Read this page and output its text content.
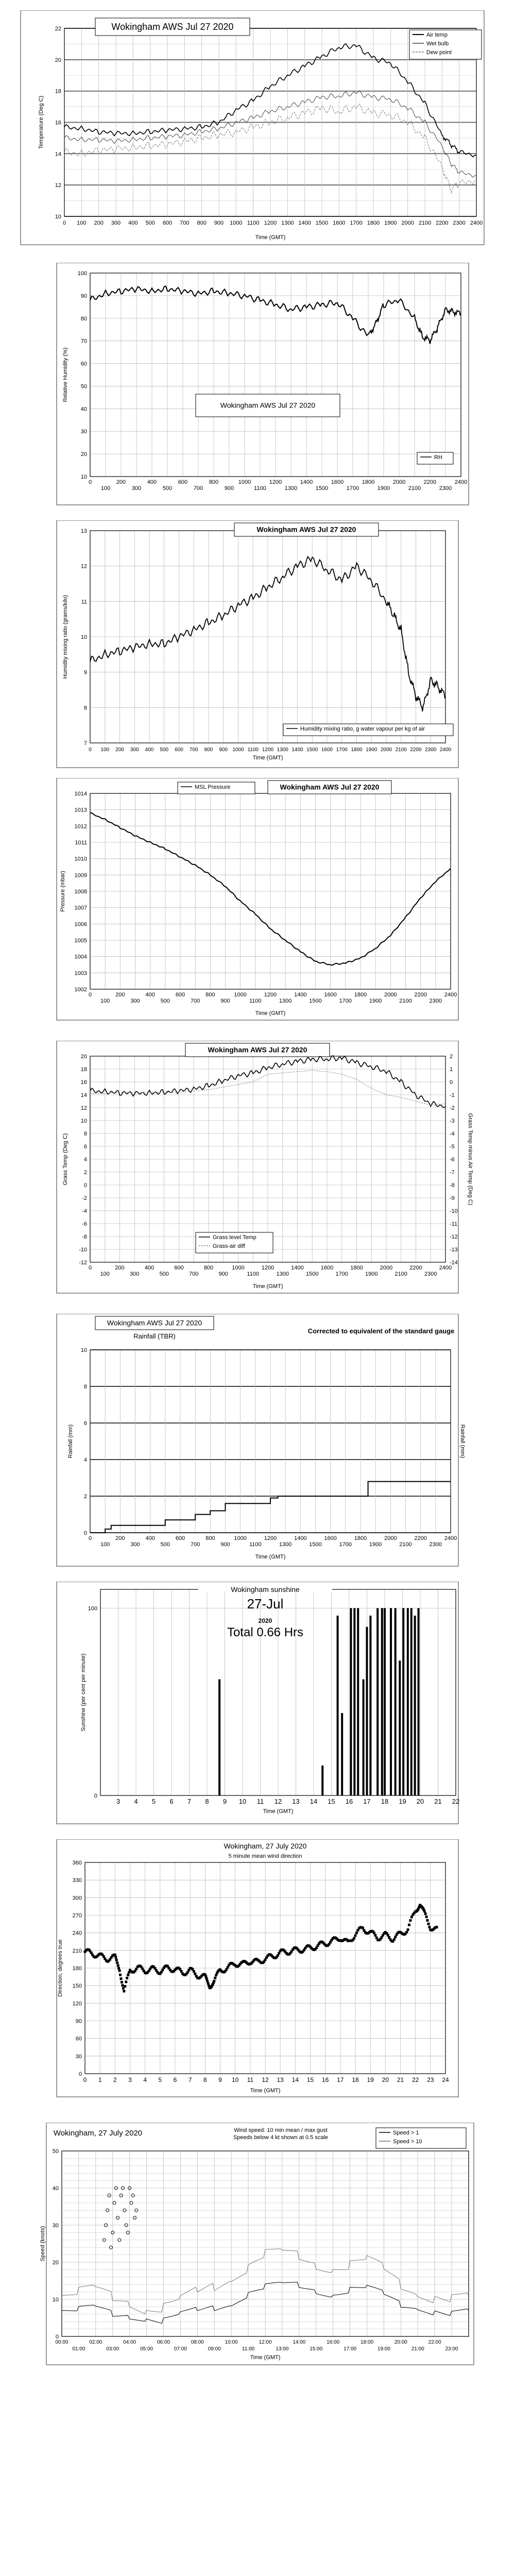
10
12
14
16
18
20
22
0 100 200 300 400 500 600 700 800 900 1000 1100 1200 1300 1400 1500 1600 1700 1800 1900 2000 2100 2200 2300 2400
Time (GMT)
Temperature (Deg C)
Wokingham AWS Jul 27 2020
Air temp
Wet bulb
Dew point
10
20
30
40
50
60
70
80
90
100
0
100
200
300
400
500
600
700
800
900
1000
1100
1200
1300
1400
1500
1600
1700
1800
1900
2000
2100
2200
2300
2400
Relative Humidity (%)
Wokingham AWS Jul 27 2020
RH
7
8
9
10
11
12
13
0 100 200 300 400 500 600 700 800 900 1000 1100 1200 1300 1400 1500 1600 1700 1800 1900 2000 2100 2200 2300 2400
Time (GMT)
Humidity mixing ratio (grams/kilo)
Wokingham AWS Jul 27 2020
Humidity mixing ratio, g water vapour per kg of air
1002
1003
1004
1005
1006
1007
1008
1009
1010
1011
1012
1013
1014
0
100
200
300
400
500
600
700
800
900
1000
1100
1200
1300
1400
1500
1600
1700
1800
1900
2000
2100
2200
2300
2400
Time (GMT)
Pressure (mbar)
Wokingham AWS Jul 27 2020
MSL Pressure
-12
-10
-8
-6
-4
-2
0
2
4
6
8
10
12
14
16
18
20
0
100
200
300
400
500
600
700
800
900
1000
1100
1200
1300
1400
1500
1600
1700
1800
1900
2000
2100
2200
2300
2400
Time (GMT)
Grass Temp (Deg C)
Wokingham AWS Jul 27 2020
-14
-13
-12
-11
-10
-9
-8
-7
-6
-5
-4
-3
-2
-1
0
1
2
Grass Temp minus Air Temp (Deg C)
Grass level Temp
Grass-air diff
0
2
4
6
8
10
0
100
200
300
400
500
600
700
800
900
1000
1100
1200
1300
1400
1500
1600
1700
1800
1900
2000
2100
2200
2300
2400
Time (GMT)
Rainfall (mm)
Wokingham AWS Jul 27 2020
Rainfall (TBR)
Corrected to equivalent of the standard gauge
Rainfall (mm)
0
100
3 4 5 6 7 8 9 10 11 12 13 14 15 16 17 18 19 20 21 22
Time (GMT)
Sunshine (per cent per minute)
Wokingham sunshine
27-Jul
2020
Total 0.66 Hrs
0
30
60
90
120
150
180
210
240
270
300
330
360
0 1 2 3 4 5 6 7 8 9 10 11 12 13 14 15 16 17 18 19 20 21 22 23 24
Time (GMT)
Direction, degrees true
Wokingham, 27 July 2020
5 minute mean wind direction
0
10
20
30
40
50
00:00	02:00	04:00	06:00	08:00	10:00	12:00	14:00	16:00	18:00	20:00	22:00
01:00	03:00	05:00	07:00	09:00	11:00	13:00	15:00	17:00	19:00	21:00	23:00
Time (GMT)
Speed (knots)
Wokingham, 27 July 2020	Wind speed: 10 min mean / max gust
Speeds below 4 kt shown at 0.5 scale
Speed > 1
Speed > 10
